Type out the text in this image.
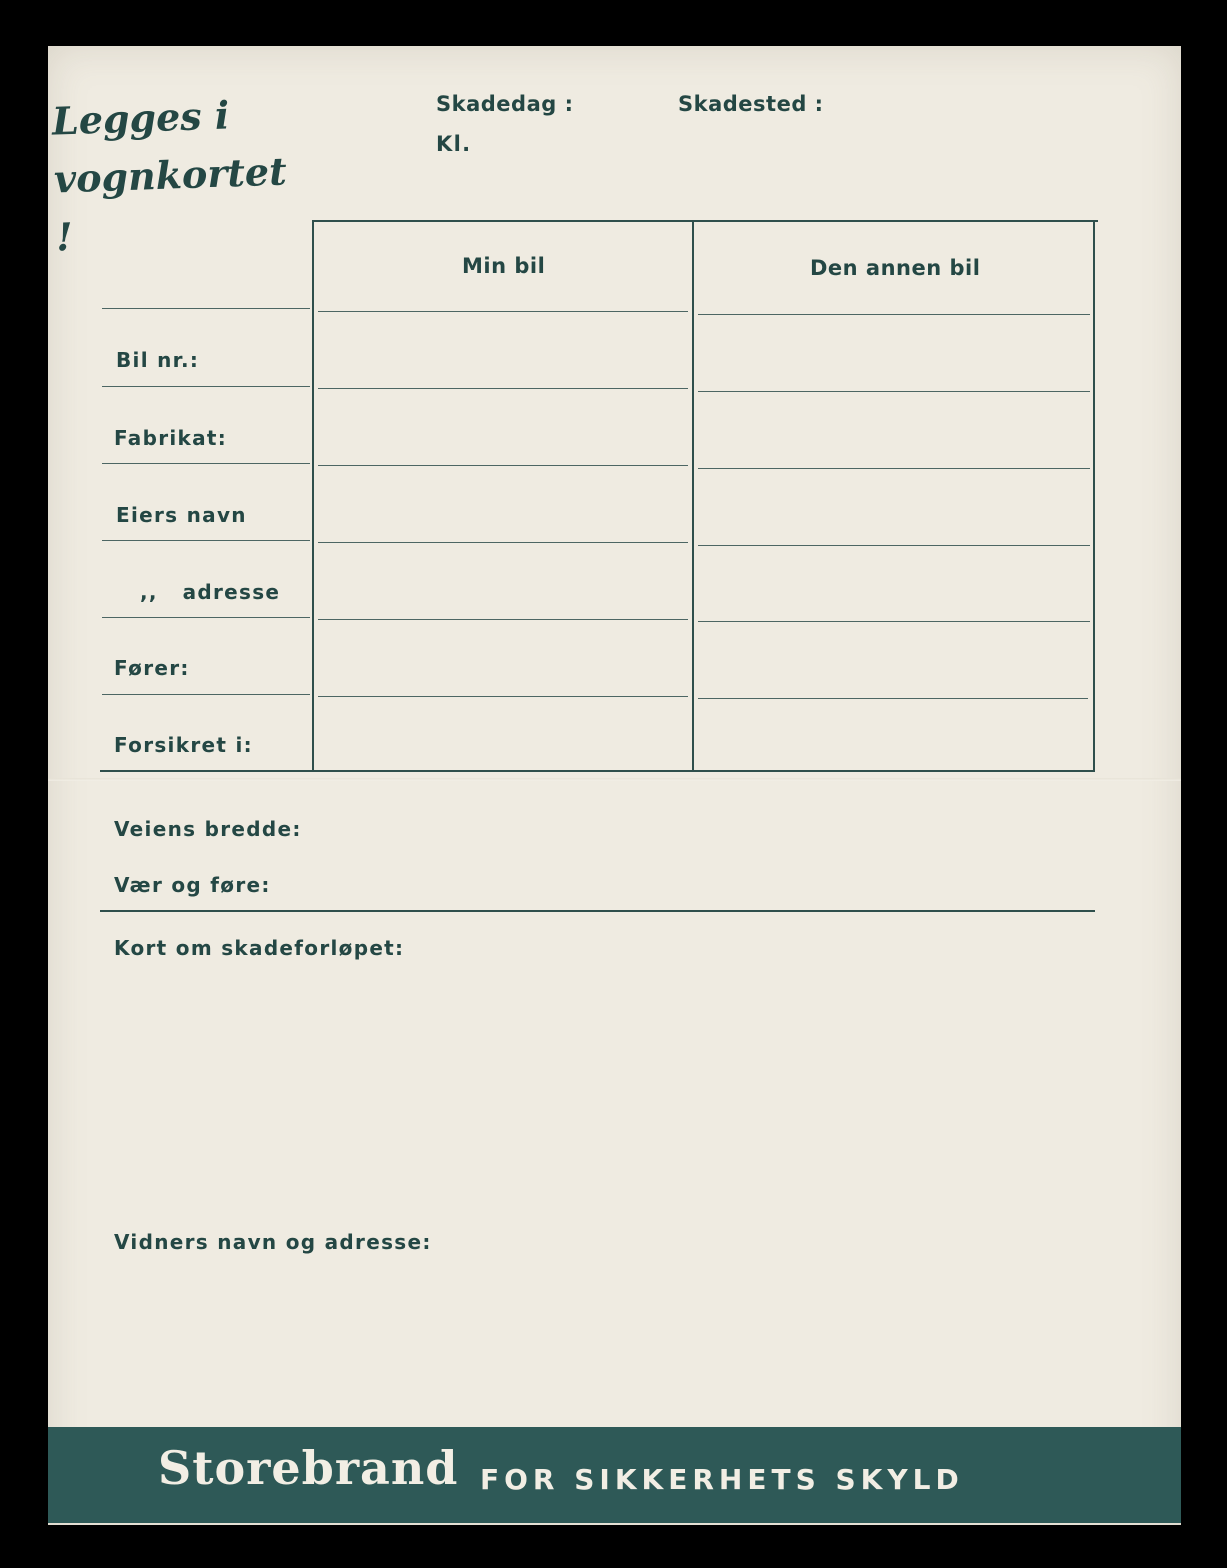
Legges i vognkortet !
Skadedag :	Skadested :
Kl.
Min bil	Den annen bil
Bil nr.:
Fabrikat:
Eiers navn
,,   adresse
Fører:
Forsikret i:
Veiens bredde:
Vær og føre:
Kort om skadeforløpet:
Vidners navn og adresse:
Storebrand FOR SIKKERHETS SKYLD
